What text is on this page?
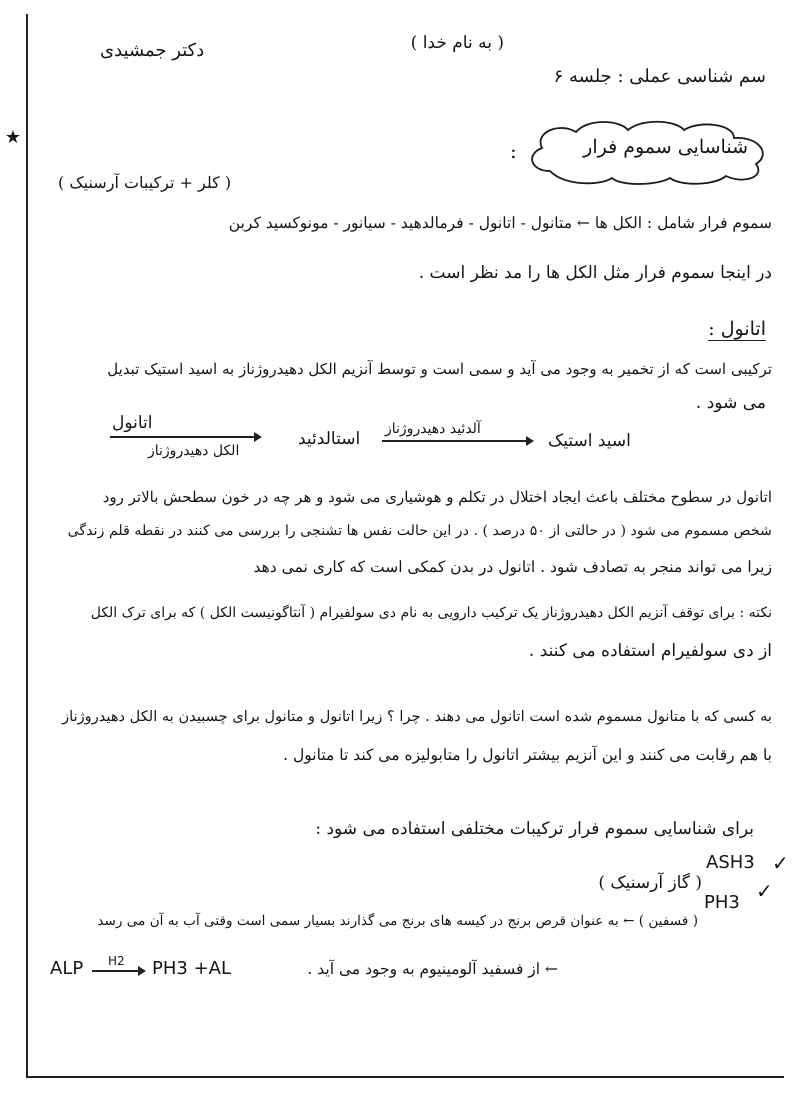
( به نام خدا )
دکتر جمشیدی
سم شناسی عملی : جلسه ۶
شناسایی سموم فرار
★
:
( کلر + ترکیبات آرسنیک )
سموم فرار شامل : الکل ها ← متانول - اتانول - فرمالدهید - سیانور - مونوکسید کربن
در اینجا سموم فرار مثل الکل ها را مد نظر است .
اتانول :
ترکیبی است که از تخمیر به وجود می آید و سمی است و توسط آنزیم الکل دهیدروژناز به اسید استیک تبدیل
می شود .
اتانول
الکل دهیدروژناز
استالدئید آلدئید دهیدروژناز
اسید استیک
اتانول در سطوح مختلف باعث ایجاد اختلال در تکلم و هوشیاری می شود و هر چه در خون سطحش بالاتر رود
شخص مسموم می شود ( در حالتی از ۵۰ درصد ) . در این حالت نفس ها تشنجی را بررسی می کنند در نقطه قلم زندگی
زیرا می تواند منجر به تصادف شود . اتانول در بدن کمکی است که کاری نمی دهد
نکته : برای توقف آنزیم الکل دهیدروژناز یک ترکیب دارویی به نام دی سولفیرام ( آنتاگونیست الکل ) که برای ترک الکل
از دی سولفیرام استفاده می کنند .
به کسی که با متانول مسموم شده است اتانول می دهند . چرا ؟ زیرا اتانول و متانول برای چسبیدن به الکل دهیدروژناز
با هم رقابت می کنند و این آنزیم بیشتر اتانول را متابولیزه می کند تا متانول .
برای شناسایی سموم فرار ترکیبات مختلفی استفاده می شود :
ASH3 ✓
( گاز آرسنیک )
PH3 ✓
( فسفین ) ← به عنوان قرص برنج در کیسه های برنج می گذارند بسیار سمی است وقتی آب به آن می رسد
ALP →
H2 PH3 +AL	← از فسفید آلومینیوم به وجود می آید .
